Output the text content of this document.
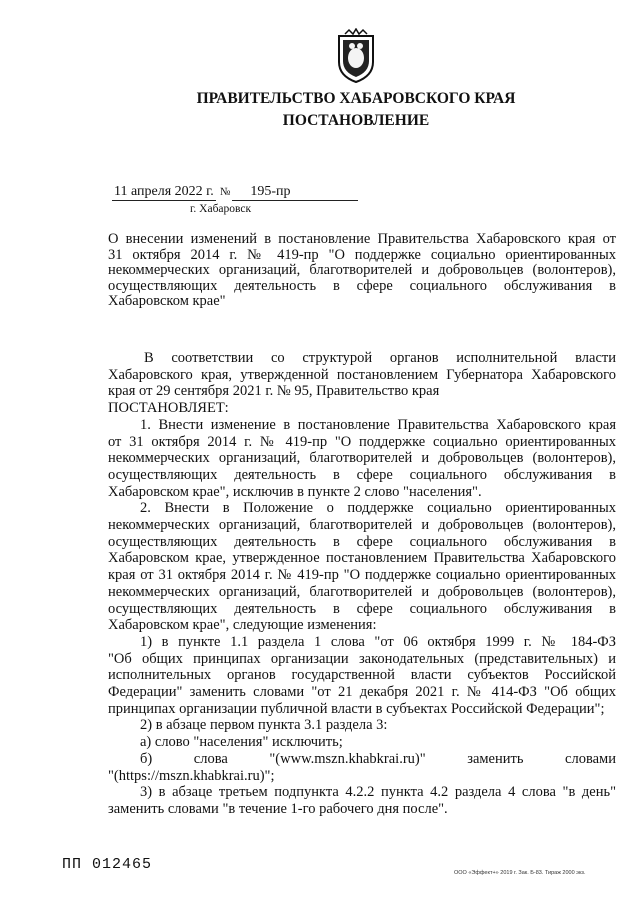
ПРАВИТЕЛЬСТВО ХАБАРОВСКОГО КРАЯ
ПОСТАНОВЛЕНИЕ
11 апреля 2022 г. № 195-пр
г. Хабаровск
О внесении изменений в постановление Правительства Хабаровского края от
31 октября 2014 г. № 419-пр "О поддержке социально ориентированных
некоммерческих организаций, благотворителей и добровольцев (волонтеров),
осуществляющих деятельность в сфере социального обслуживания в
Хабаровском крае"
В соответствии со структурой органов исполнительной власти
Хабаровского края, утвержденной постановлением Губернатора Хабаровского
края от 29 сентября 2021 г. № 95, Правительство края
ПОСТАНОВЛЯЕТ:
1. Внести изменение в постановление Правительства Хабаровского края
от 31 октября 2014 г. № 419-пр "О поддержке социально ориентированных
некоммерческих организаций, благотворителей и добровольцев (волонтеров),
осуществляющих деятельность в сфере социального обслуживания в
Хабаровском крае", исключив в пункте 2 слово "населения".
2. Внести в Положение о поддержке социально ориентированных
некоммерческих организаций, благотворителей и добровольцев (волонтеров),
осуществляющих деятельность в сфере социального обслуживания в
Хабаровском крае, утвержденное постановлением Правительства Хабаровского
края от 31 октября 2014 г. № 419-пр "О поддержке социально ориентированных
некоммерческих организаций, благотворителей и добровольцев (волонтеров),
осуществляющих деятельность в сфере социального обслуживания в
Хабаровском крае", следующие изменения:
1) в пункте 1.1 раздела 1 слова "от 06 октября 1999 г. № 184-ФЗ
"Об общих принципах организации законодательных (представительных) и
исполнительных органов государственной власти субъектов Российской
Федерации" заменить словами "от 21 декабря 2021 г. № 414-ФЗ "Об общих
принципах организации публичной власти в субъектах Российской Федерации";
2) в абзаце первом пункта 3.1 раздела 3:
а) слово "населения" исключить;
б) слова "(www.mszn.khabkrai.ru)" заменить словами
"(https://mszn.khabkrai.ru)";
3) в абзаце третьем подпункта 4.2.2 пункта 4.2 раздела 4 слова "в день"
заменить словами "в течение 1-го рабочего дня после".
ПП 012465	ООО «Эффект+» 2019 г. Зак. Б-83. Тираж 2000 экз.
